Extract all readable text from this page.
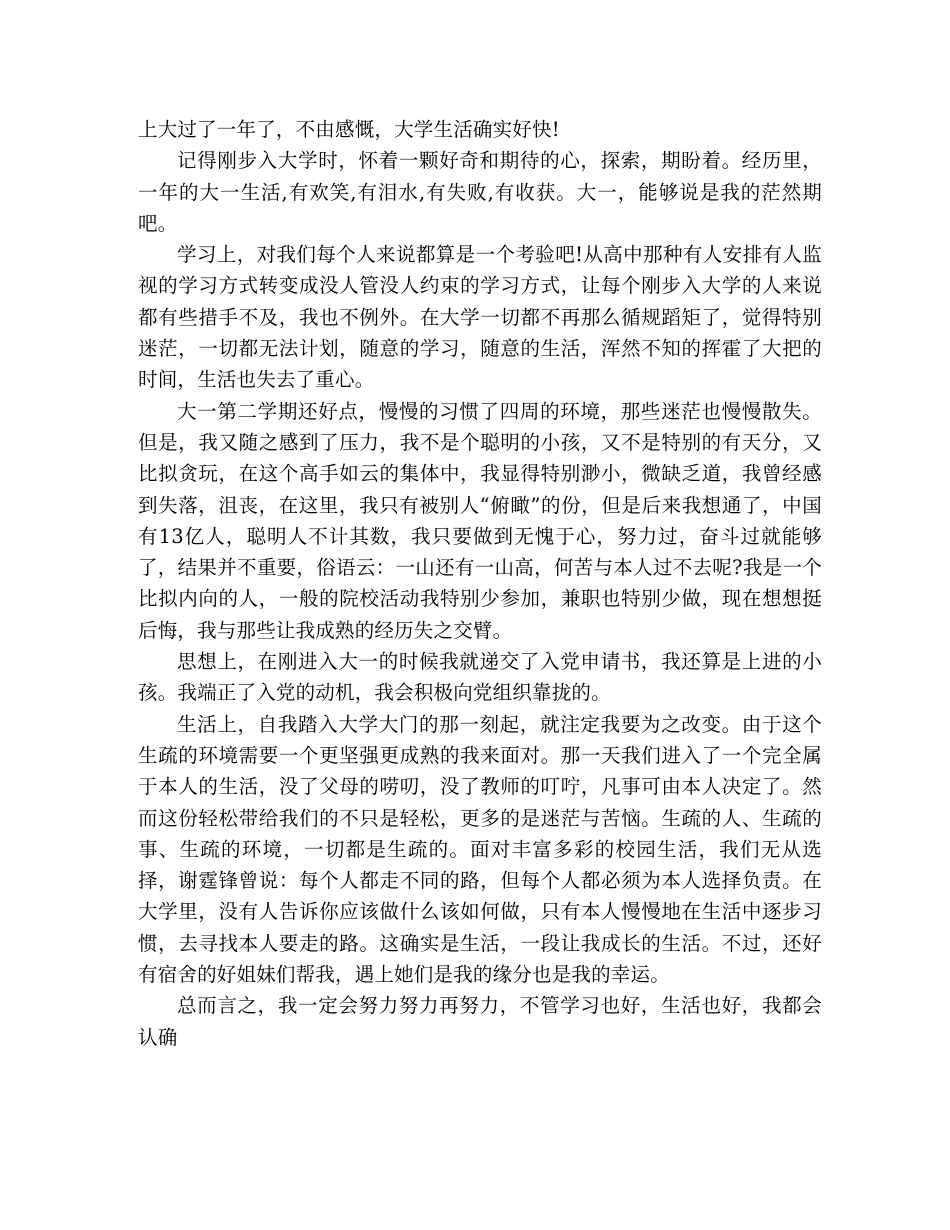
上大过了一年了，不由感慨，大学生活确实好快!

记得刚步入大学时，怀着一颗好奇和期待的心，探索，期盼着。经历里，一年的大一生活,有欢笑,有泪水,有失败,有收获。大一，能够说是我的茫然期吧。

学习上，对我们每个人来说都算是一个考验吧!从高中那种有人安排有人监视的学习方式转变成没人管没人约束的学习方式，让每个刚步入大学的人来说都有些措手不及，我也不例外。在大学一切都不再那么循规蹈矩了，觉得特别迷茫，一切都无法计划，随意的学习，随意的生活，浑然不知的挥霍了大把的时间，生活也失去了重心。

大一第二学期还好点，慢慢的习惯了四周的环境，那些迷茫也慢慢散失。但是，我又随之感到了压力，我不是个聪明的小孩，又不是特别的有天分，又比拟贪玩，在这个高手如云的集体中，我显得特别渺小，微缺乏道，我曾经感到失落，沮丧，在这里，我只有被别人“俯瞰”的份，但是后来我想通了，中国有13亿人，聪明人不计其数，我只要做到无愧于心，努力过，奋斗过就能够了，结果并不重要，俗语云：一山还有一山高，何苦与本人过不去呢?我是一个比拟内向的人，一般的院校活动我特别少参加，兼职也特别少做，现在想想挺后悔，我与那些让我成熟的经历失之交臂。

思想上，在刚进入大一的时候我就递交了入党申请书，我还算是上进的小孩。我端正了入党的动机，我会积极向党组织靠拢的。

生活上，自我踏入大学大门的那一刻起，就注定我要为之改变。由于这个生疏的环境需要一个更坚强更成熟的我来面对。那一天我们进入了一个完全属于本人的生活，没了父母的唠叨，没了教师的叮咛，凡事可由本人决定了。然而这份轻松带给我们的不只是轻松，更多的是迷茫与苦恼。生疏的人、生疏的事、生疏的环境，一切都是生疏的。面对丰富多彩的校园生活，我们无从选择，谢霆锋曾说：每个人都走不同的路，但每个人都必须为本人选择负责。在大学里，没有人告诉你应该做什么该如何做，只有本人慢慢地在生活中逐步习惯，去寻找本人要走的路。这确实是生活，一段让我成长的生活。不过，还好有宿舍的好姐妹们帮我，遇上她们是我的缘分也是我的幸运。

总而言之，我一定会努力努力再努力，不管学习也好，生活也好，我都会认确
